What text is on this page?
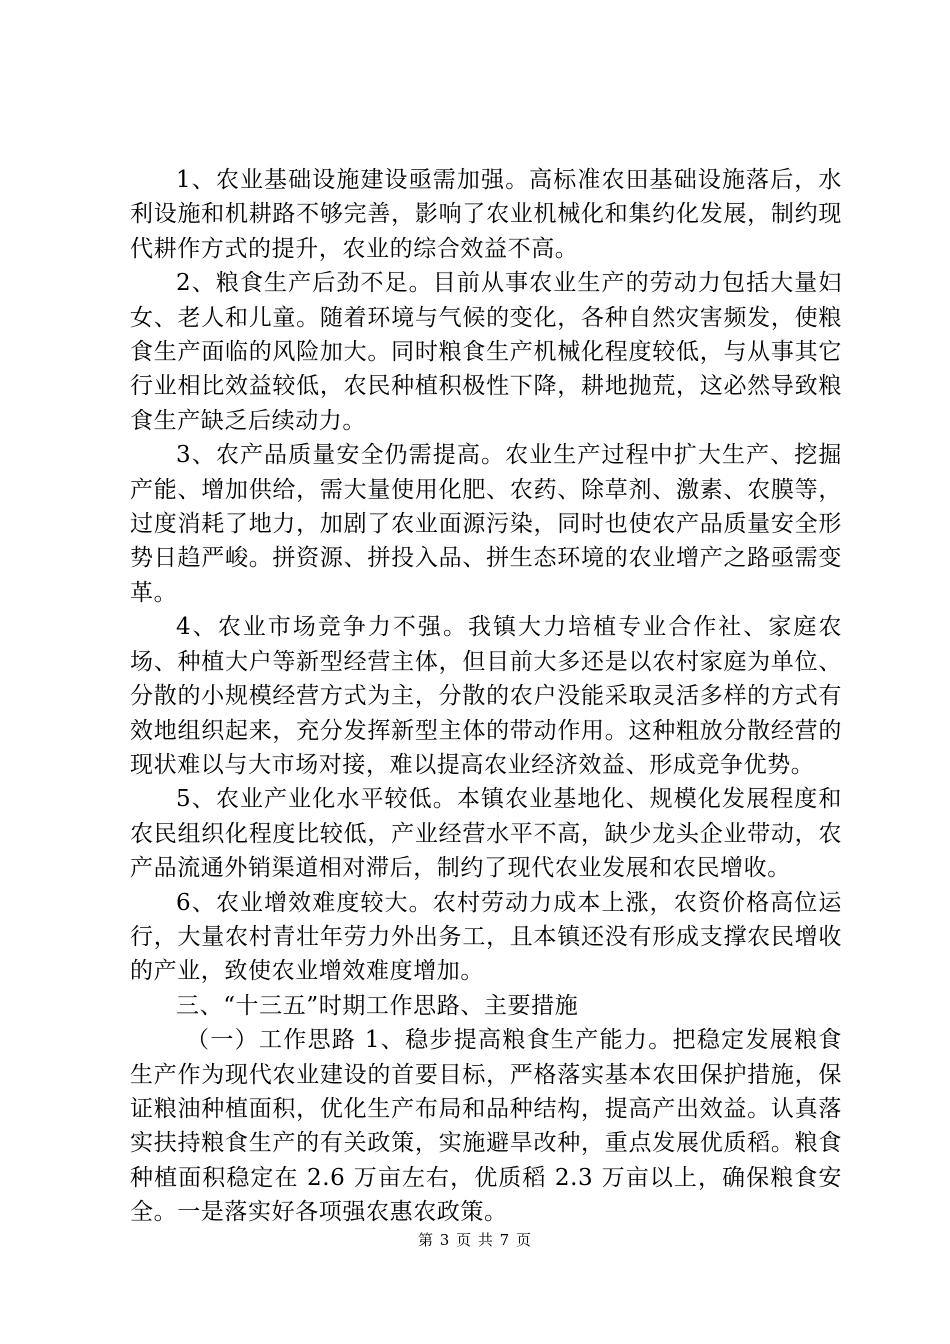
1、农业基础设施建设亟需加强。高标准农田基础设施落后，水利设施和机耕路不够完善，影响了农业机械化和集约化发展，制约现代耕作方式的提升，农业的综合效益不高。

2、粮食生产后劲不足。目前从事农业生产的劳动力包括大量妇女、老人和儿童。随着环境与气候的变化，各种自然灾害频发，使粮食生产面临的风险加大。同时粮食生产机械化程度较低，与从事其它行业相比效益较低，农民种植积极性下降，耕地抛荒，这必然导致粮食生产缺乏后续动力。

3、农产品质量安全仍需提高。农业生产过程中扩大生产、挖掘产能、增加供给，需大量使用化肥、农药、除草剂、激素、农膜等，过度消耗了地力，加剧了农业面源污染，同时也使农产品质量安全形势日趋严峻。拼资源、拼投入品、拼生态环境的农业增产之路亟需变革。

4、农业市场竞争力不强。我镇大力培植专业合作社、家庭农场、种植大户等新型经营主体，但目前大多还是以农村家庭为单位、分散的小规模经营方式为主，分散的农户没能采取灵活多样的方式有效地组织起来，充分发挥新型主体的带动作用。这种粗放分散经营的现状难以与大市场对接，难以提高农业经济效益、形成竞争优势。

5、农业产业化水平较低。本镇农业基地化、规模化发展程度和农民组织化程度比较低，产业经营水平不高，缺少龙头企业带动，农产品流通外销渠道相对滞后，制约了现代农业发展和农民增收。

6、农业增效难度较大。农村劳动力成本上涨，农资价格高位运行，大量农村青壮年劳力外出务工，且本镇还没有形成支撑农民增收的产业，致使农业增效难度增加。

三、“十三五”时期工作思路、主要措施

（一）工作思路 1、稳步提高粮食生产能力。把稳定发展粮食生产作为现代农业建设的首要目标，严格落实基本农田保护措施，保证粮油种植面积，优化生产布局和品种结构，提高产出效益。认真落实扶持粮食生产的有关政策，实施避旱改种，重点发展优质稻。粮食种植面积稳定在 2.6 万亩左右，优质稻 2.3 万亩以上，确保粮食安全。一是落实好各项强农惠农政策。

第 3 页 共 7 页
